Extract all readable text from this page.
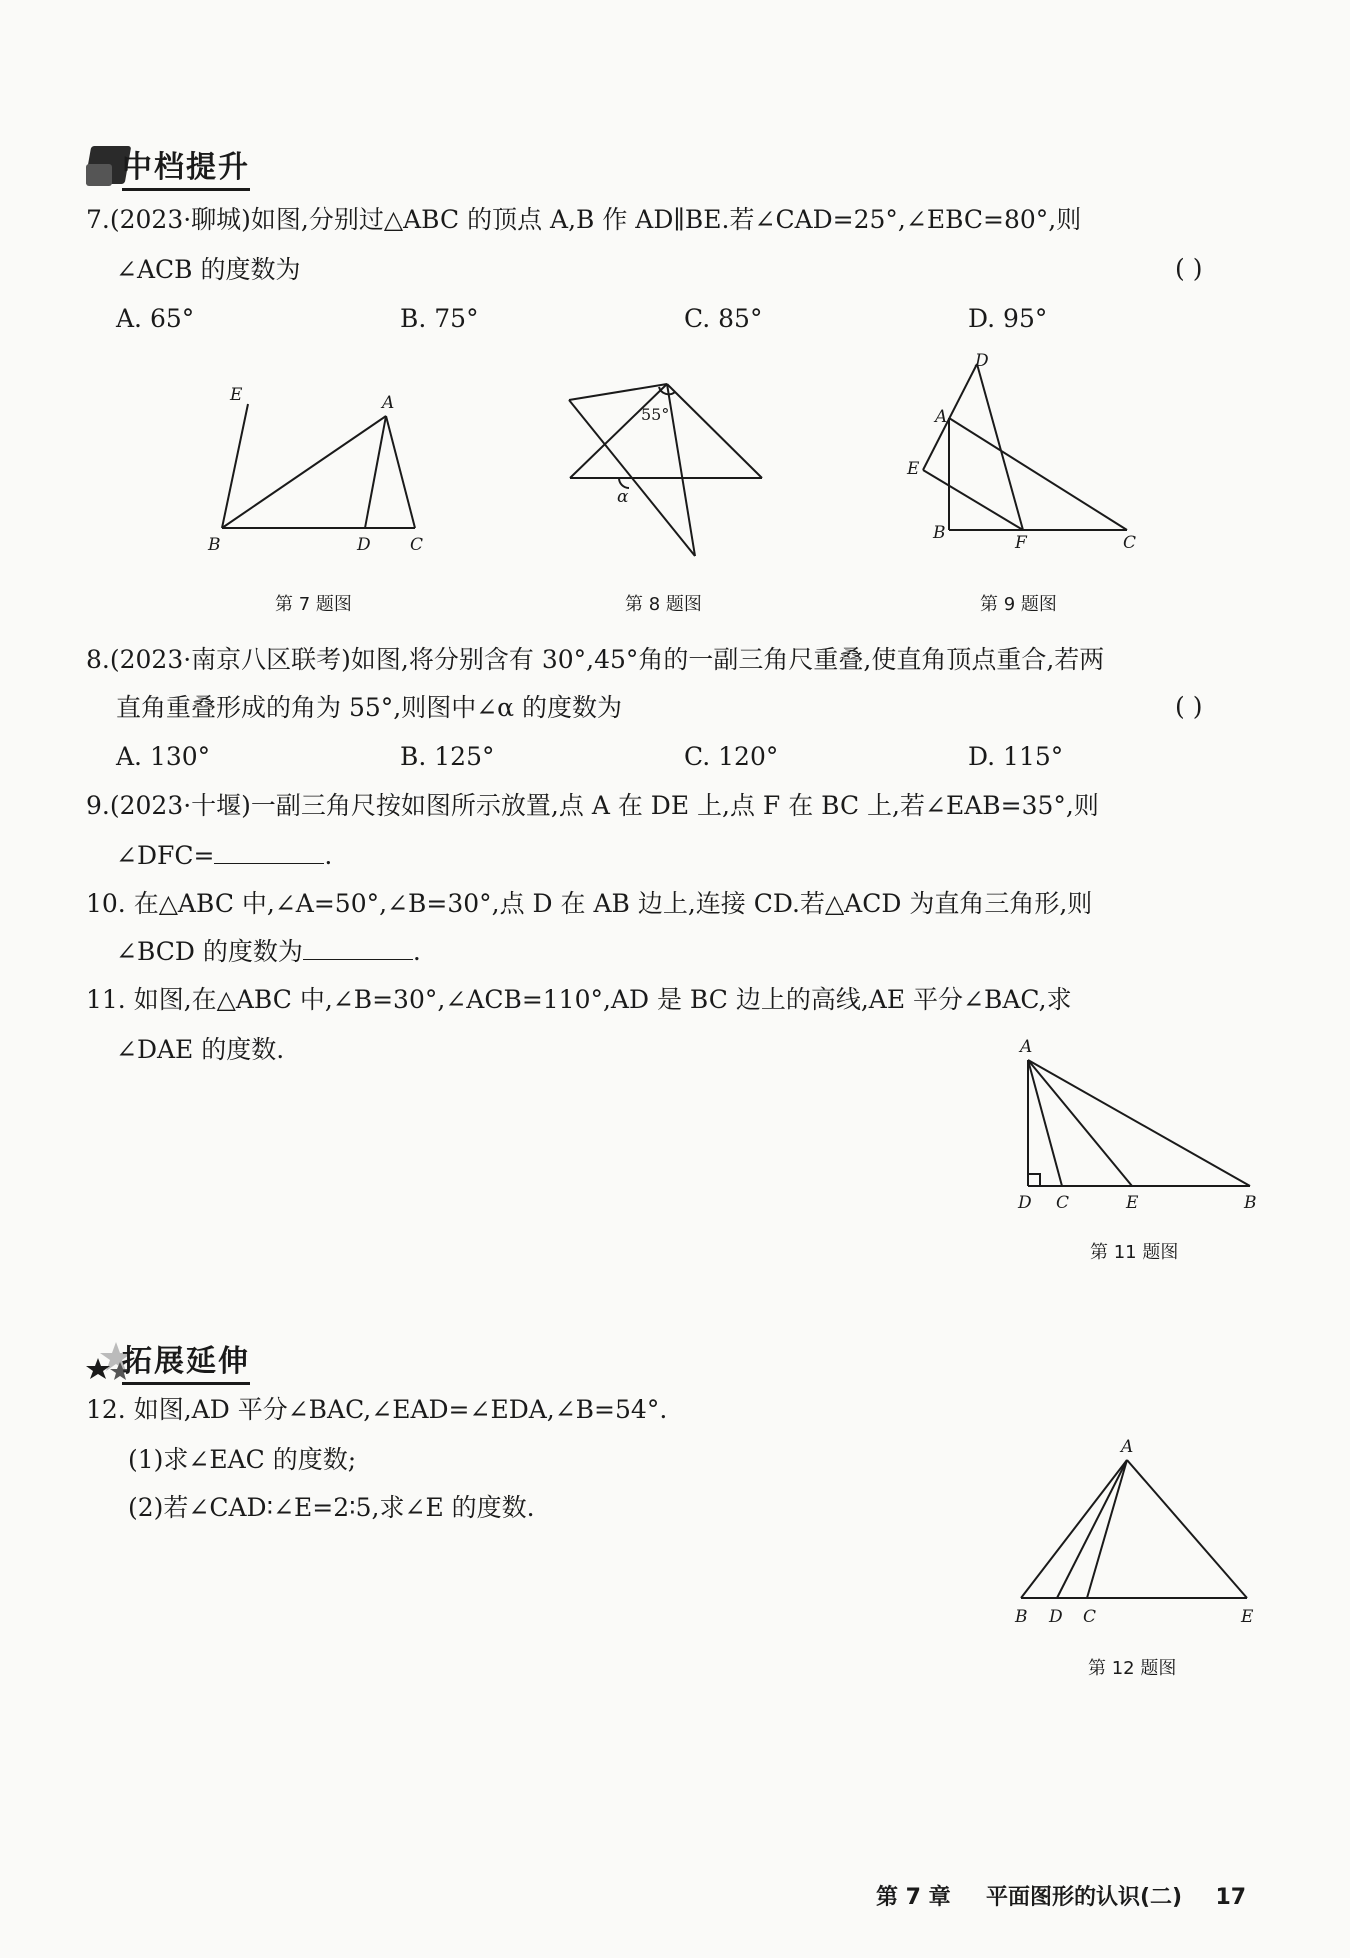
中档提升
7.(2023·聊城)如图,分别过△ABC 的顶点 A,B 作 AD∥BE.若∠CAD=25°,∠EBC=80°,则
∠ACB 的度数为	( )
A. 65°	B. 75°	C. 85°	D. 95°
E	A
B	D C
第 7 题图
55°
α
第 8 题图
D
A
E
B	F	C
第 9 题图
8.(2023·南京八区联考)如图,将分别含有 30°,45°角的一副三角尺重叠,使直角顶点重合,若两
直角重叠形成的角为 55°,则图中∠α 的度数为	( )
A. 130°	B. 125°	C. 120°	D. 115°
9.(2023·十堰)一副三角尺按如图所示放置,点 A 在 DE 上,点 F 在 BC 上,若∠EAB=35°,则
∠DFC=	.
10. 在△ABC 中,∠A=50°,∠B=30°,点 D 在 AB 边上,连接 CD.若△ACD 为直角三角形,则
∠BCD 的度数为	.
11. 如图,在△ABC 中,∠B=30°,∠ACB=110°,AD 是 BC 边上的高线,AE 平分∠BAC,求
∠DAE 的度数.	A
D C	E	B
第 11 题图
拓展延伸
12. 如图,AD 平分∠BAC,∠EAD=∠EDA,∠B=54°.
(1)求∠EAC 的度数;
(2)若∠CAD∶∠E=2∶5,求∠E 的度数.
A
B D C	E
第 12 题图
第 7 章 平面图形的认识(二) 17
